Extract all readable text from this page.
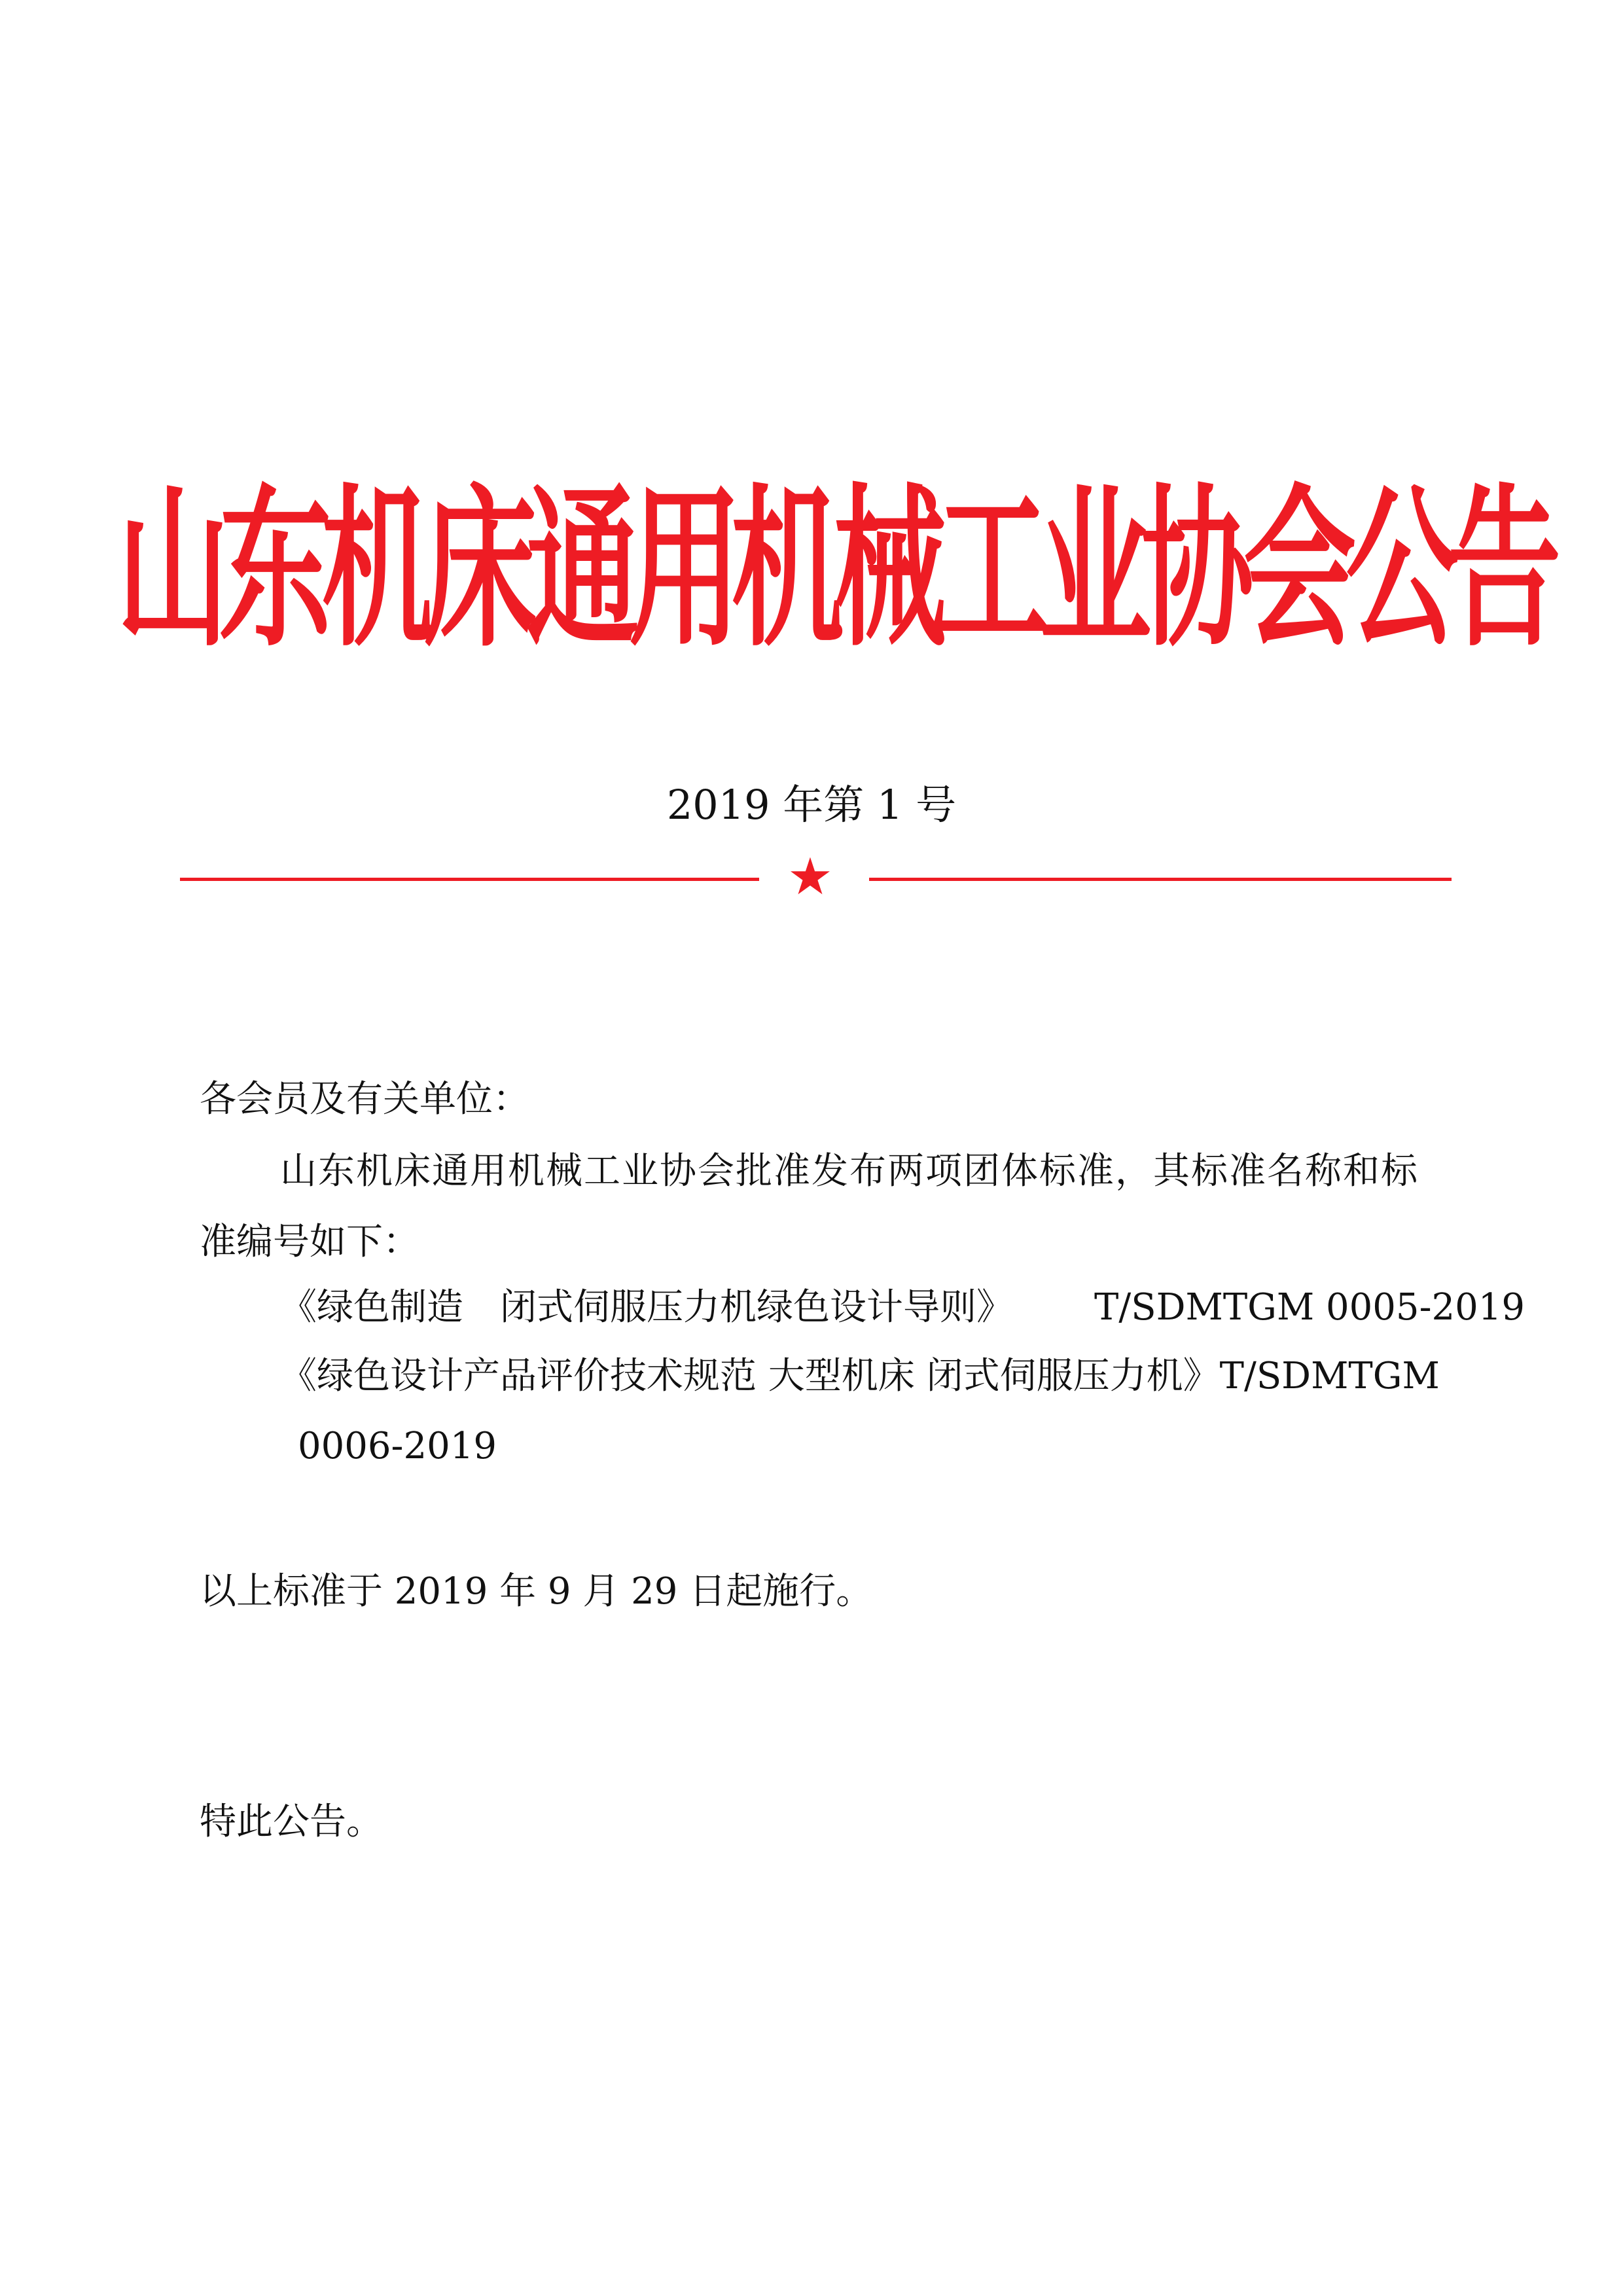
山东机床通用机械工业协会公告
2019 年第 1 号
★
各会员及有关单位：
山东机床通用机械工业协会批准发布两项团体标准，其标准名称和标
准编号如下：
《绿色制造　闭式伺服压力机绿色设计导则》 T/SDMTGM 0005-2019
《绿色设计产品评价技术规范 大型机床 闭式伺服压力机》T/SDMTGM
0006-2019
以上标准于 2019 年 9 月 29 日起施行。
特此公告。
